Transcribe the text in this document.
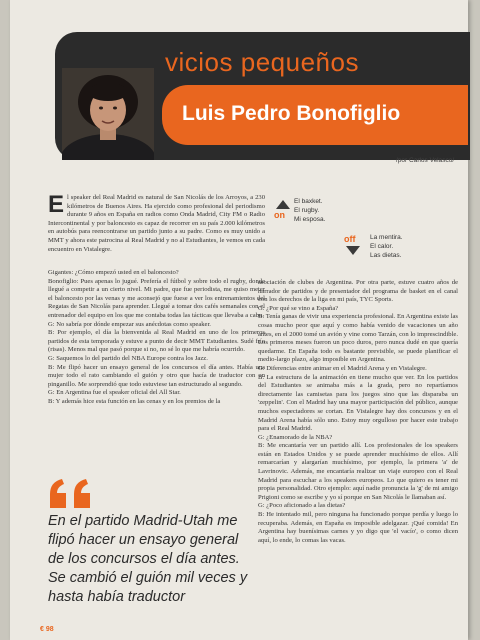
vicios pequeños
Luis Pedro Bonofiglio
/por Carlos Velasco/
on
El baxket.
El rugby.
Mi esposa.
off La mentira.
El calor.
Las dietas.
El speaker del Real Madrid es natural de San Nicolás de los Arroyos, a 230 kilómetros de Buenos Aires. Ha ejercido como profesional del periodismo durante 9 años en España en radios como Onda Madrid, City FM o Radio Intercontinental y por baloncesto es capaz de recorrer en su país 2.000 kilómetros en autobús para reencontrarse un partido junto a su padre. Como es muy unido a MMT y ahora este patrocina al Real Madrid y no al Estudiantes, le vemos en cada encuentro en Vistalegre.

Gigantes: ¿Cómo empezó usted en el baloncesto?

Bonofiglio: Pues apenas lo jugué. Prefería el fútbol y sobre todo el rugby, donde llegué a competir a un cierto nivel. Mi padre, que fue periodista, me quiso meter el baloncesto por las venas y me aconsejó que fuese a ver los entrenamientos del Regatas de San Nicolás para aprender. Llegué a tomar dos cafés semanales con el entrenador del equipo en los que me contaba todas las tácticas que llevaba a cabo.

G: No sabría por dónde empezar sus anécdotas como speaker.

B: Por ejemplo, el día la bienvenida al Real Madrid en uno de los primeros partidos de esta temporada y estuve a punto de decir MMT Estudiantes. Sudé frío (risas). Menos mal que pasó porque si no, no sé lo que me habría ocurrido.

G: Saquemos lo del partido del NBA Europe contra los Jazz.

B: Me flipó hacer un ensayo general de los concursos el día antes. Había una mujer todo el rato cambiando el guión y otro que hacía de traductor con un pinganillo. Me sorprendió que todo estuviese tan estructurado al segundo.

G: En Argentina fue el speaker oficial del All Star.

B: Y además hice esta función en las cenas y en los premios de la

asociación de clubes de Argentina. Por otra parte, estuve cuatro años de narrador de partidos y de presentador del programa de basket en el canal con los derechos de la liga en mi país, TYC Sports.

G: ¿Por qué se vino a España?

B: Tenía ganas de vivir una experiencia profesional. En Argentina existe las cosas mucho peor que aquí y como había venido de vacaciones un año antes, en el 2000 tomé un avión y vine como Tarzán, con lo imprescindible. Los primeros meses fueron un poco duros, pero nunca dudé en que quería quedarme. En España todo es bastante previsible, se puede planificar el medio-largo plazo, algo imposible en Argentina.

G: Diferencias entre animar en el Madrid Arena y en Vistalegre.

B: La estructura de la animación en tiene mucho que ver. En los partidos del Estudiantes se animaba más a la grada, pero no repartíamos directamente las camisetas para los juegos sino que las disparaba un 'zeppelin'. Con el Madrid hay una mayor participación del público, aunque muchos espectadores se cortan. En Vistalegre hay dos concursos y en el Madrid Arena había sólo uno. Estoy muy orgulloso por hacer este trabajo para el Real Madrid.

G: ¿Enamorado de la NBA?

B: Me encantaría ver un partido allí. Los profesionales de los speakers están en Estados Unidos y se puede aprender muchísimo de ellos. Allí remarcarían y alargarían muchísimo, por ejemplo, la primera 'a' de Lavrinovic. Además, me encantaría realizar un viaje europeo con el Real Madrid para escuchar a los speakers europeos. Lo que quiero es tener mi propia personalidad. Otro ejemplo: aquí nadie pronuncia la 'g' de mi amigo Prigioni como se escribe y yo sí porque en San Nicolás le llamaban así.

G: ¿Poco aficionado a las dietas?

B: He intentado mil, pero ninguna ha funcionado porque perdía y luego lo recuperaba. Además, en España es imposible adelgazar. ¡Qué comida! En Argentina hay buenísimas carnes y yo digo que 'el vacío', o como dicen aquí, lo ende, lo comas las vacas.

En el partido Madrid-Utah me flipó hacer un ensayo general de los concursos el día antes. Se cambió el guión mil veces y hasta había traductor
€ 98
